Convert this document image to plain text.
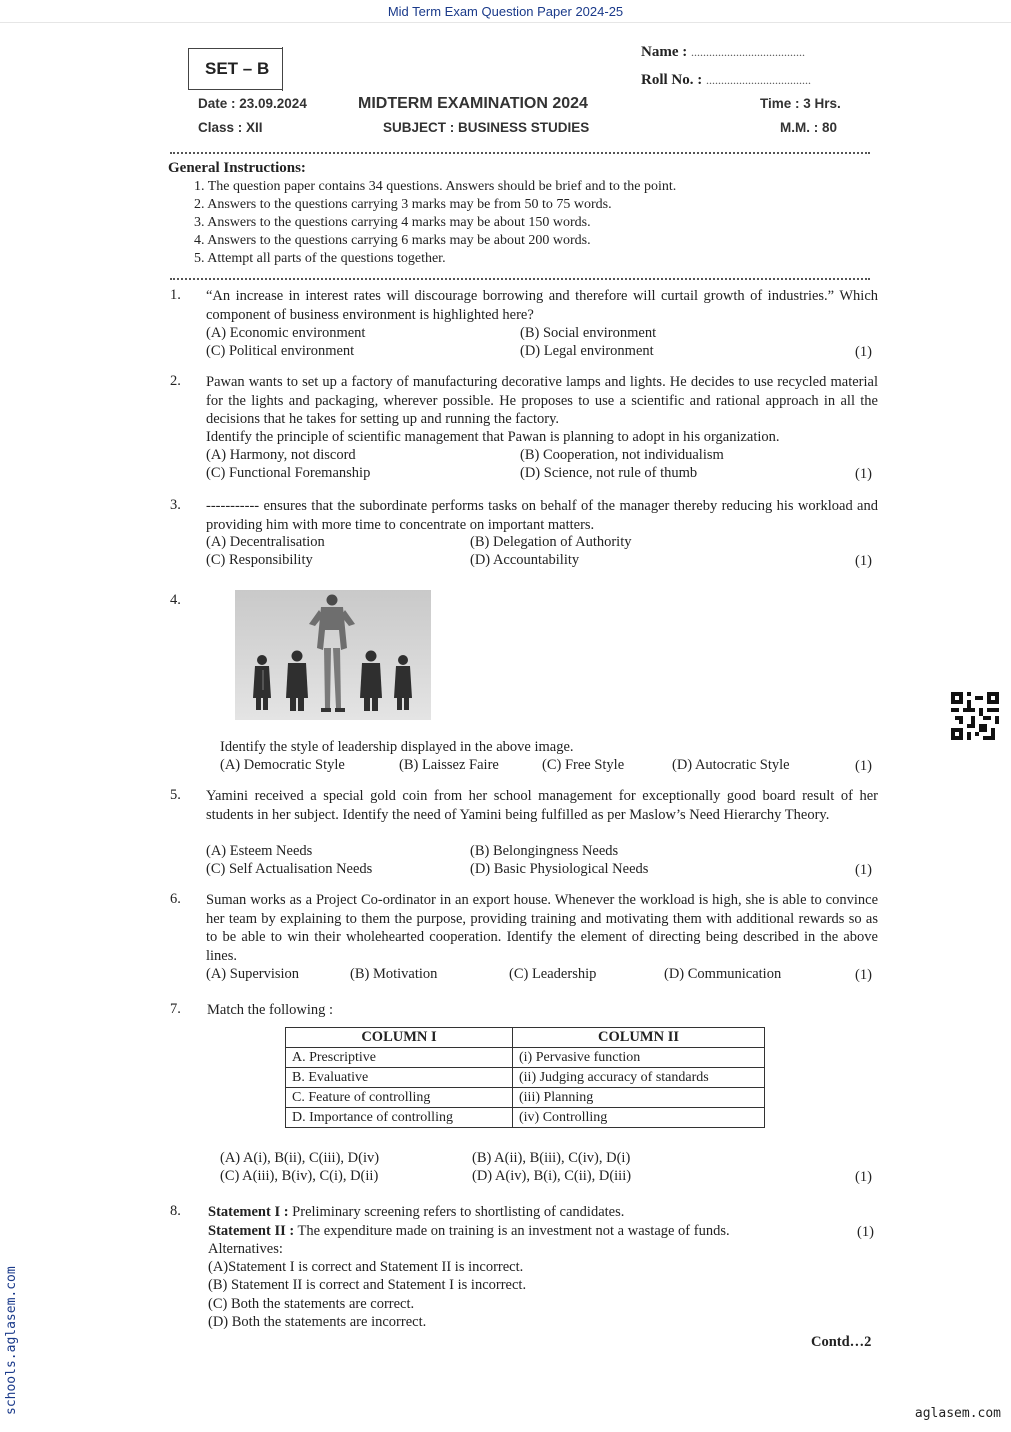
Mid Term Exam Question Paper 2024-25
SET – B
Name : ......................................
Roll No. : ...................................
Date : 23.09.2024	MIDTERM EXAMINATION 2024	Time : 3 Hrs.
Class : XII	SUBJECT : BUSINESS STUDIES	M.M. : 80
General Instructions:
1. The question paper contains 34 questions. Answers should be brief and to the point.
2. Answers to the questions carrying 3 marks may be from 50 to 75 words.
3. Answers to the questions carrying 4 marks may be about 150 words.
4. Answers to the questions carrying 6 marks may be about 200 words.
5. Attempt all parts of the questions together.
1. “An increase in interest rates will discourage borrowing and therefore will curtail growth of industries.” Which component of business environment is highlighted here?
(A) Economic environment	(B) Social environment
(C) Political environment	(D) Legal environment	(1)
2. Pawan wants to set up a factory of manufacturing decorative lamps and lights. He decides to use recycled material for the lights and packaging, wherever possible. He proposes to use a scientific and rational approach in all the decisions that he takes for setting up and running the factory.
Identify the principle of scientific management that Pawan is planning to adopt in his organization.
(A) Harmony, not discord	(B) Cooperation, not individualism
(C) Functional Foremanship	(D) Science, not rule of thumb	(1)
3. ----------- ensures that the subordinate performs tasks on behalf of the manager thereby reducing his workload and providing him with more time to concentrate on important matters.
(A) Decentralisation	(B) Delegation of Authority
(C) Responsibility	(D) Accountability	(1)
4.
Identify the style of leadership displayed in the above image.
(A) Democratic Style	(B) Laissez Faire	(C) Free Style	(D) Autocratic Style	(1)
5. Yamini received a special gold coin from her school management for exceptionally good board result of her students in her subject. Identify the need of Yamini being fulfilled as per Maslow’s Need Hierarchy Theory.
(A) Esteem Needs	(B) Belongingness Needs
(C) Self Actualisation Needs	(D) Basic Physiological Needs	(1)
6. Suman works as a Project Co-ordinator in an export house. Whenever the workload is high, she is able to convince her team by explaining to them the purpose, providing training and motivating them with additional rewards so as to be able to win their wholehearted cooperation. Identify the element of directing being described in the above lines.
(A) Supervision	(B) Motivation	(C) Leadership	(D) Communication	(1)
7. Match the following :
COLUMN I	COLUMN II
A. Prescriptive	(i) Pervasive function
B. Evaluative	(ii) Judging accuracy of standards
C. Feature of controlling	(iii) Planning
D. Importance of controlling	(iv) Controlling
(A) A(i), B(ii), C(iii), D(iv)	(B) A(ii), B(iii), C(iv), D(i)
(C) A(iii), B(iv), C(i), D(ii)	(D) A(iv), B(i), C(ii), D(iii)	(1)
8. Statement I : Preliminary screening refers to shortlisting of candidates.
Statement II : The expenditure made on training is an investment not a wastage of funds.	(1)
Alternatives:
(A)Statement I is correct and Statement II is incorrect.
(B) Statement II is correct and Statement I is incorrect.
(C) Both the statements are correct.
(D) Both the statements are incorrect.
Contd…2
schools.aglasem.com	aglasem.com
